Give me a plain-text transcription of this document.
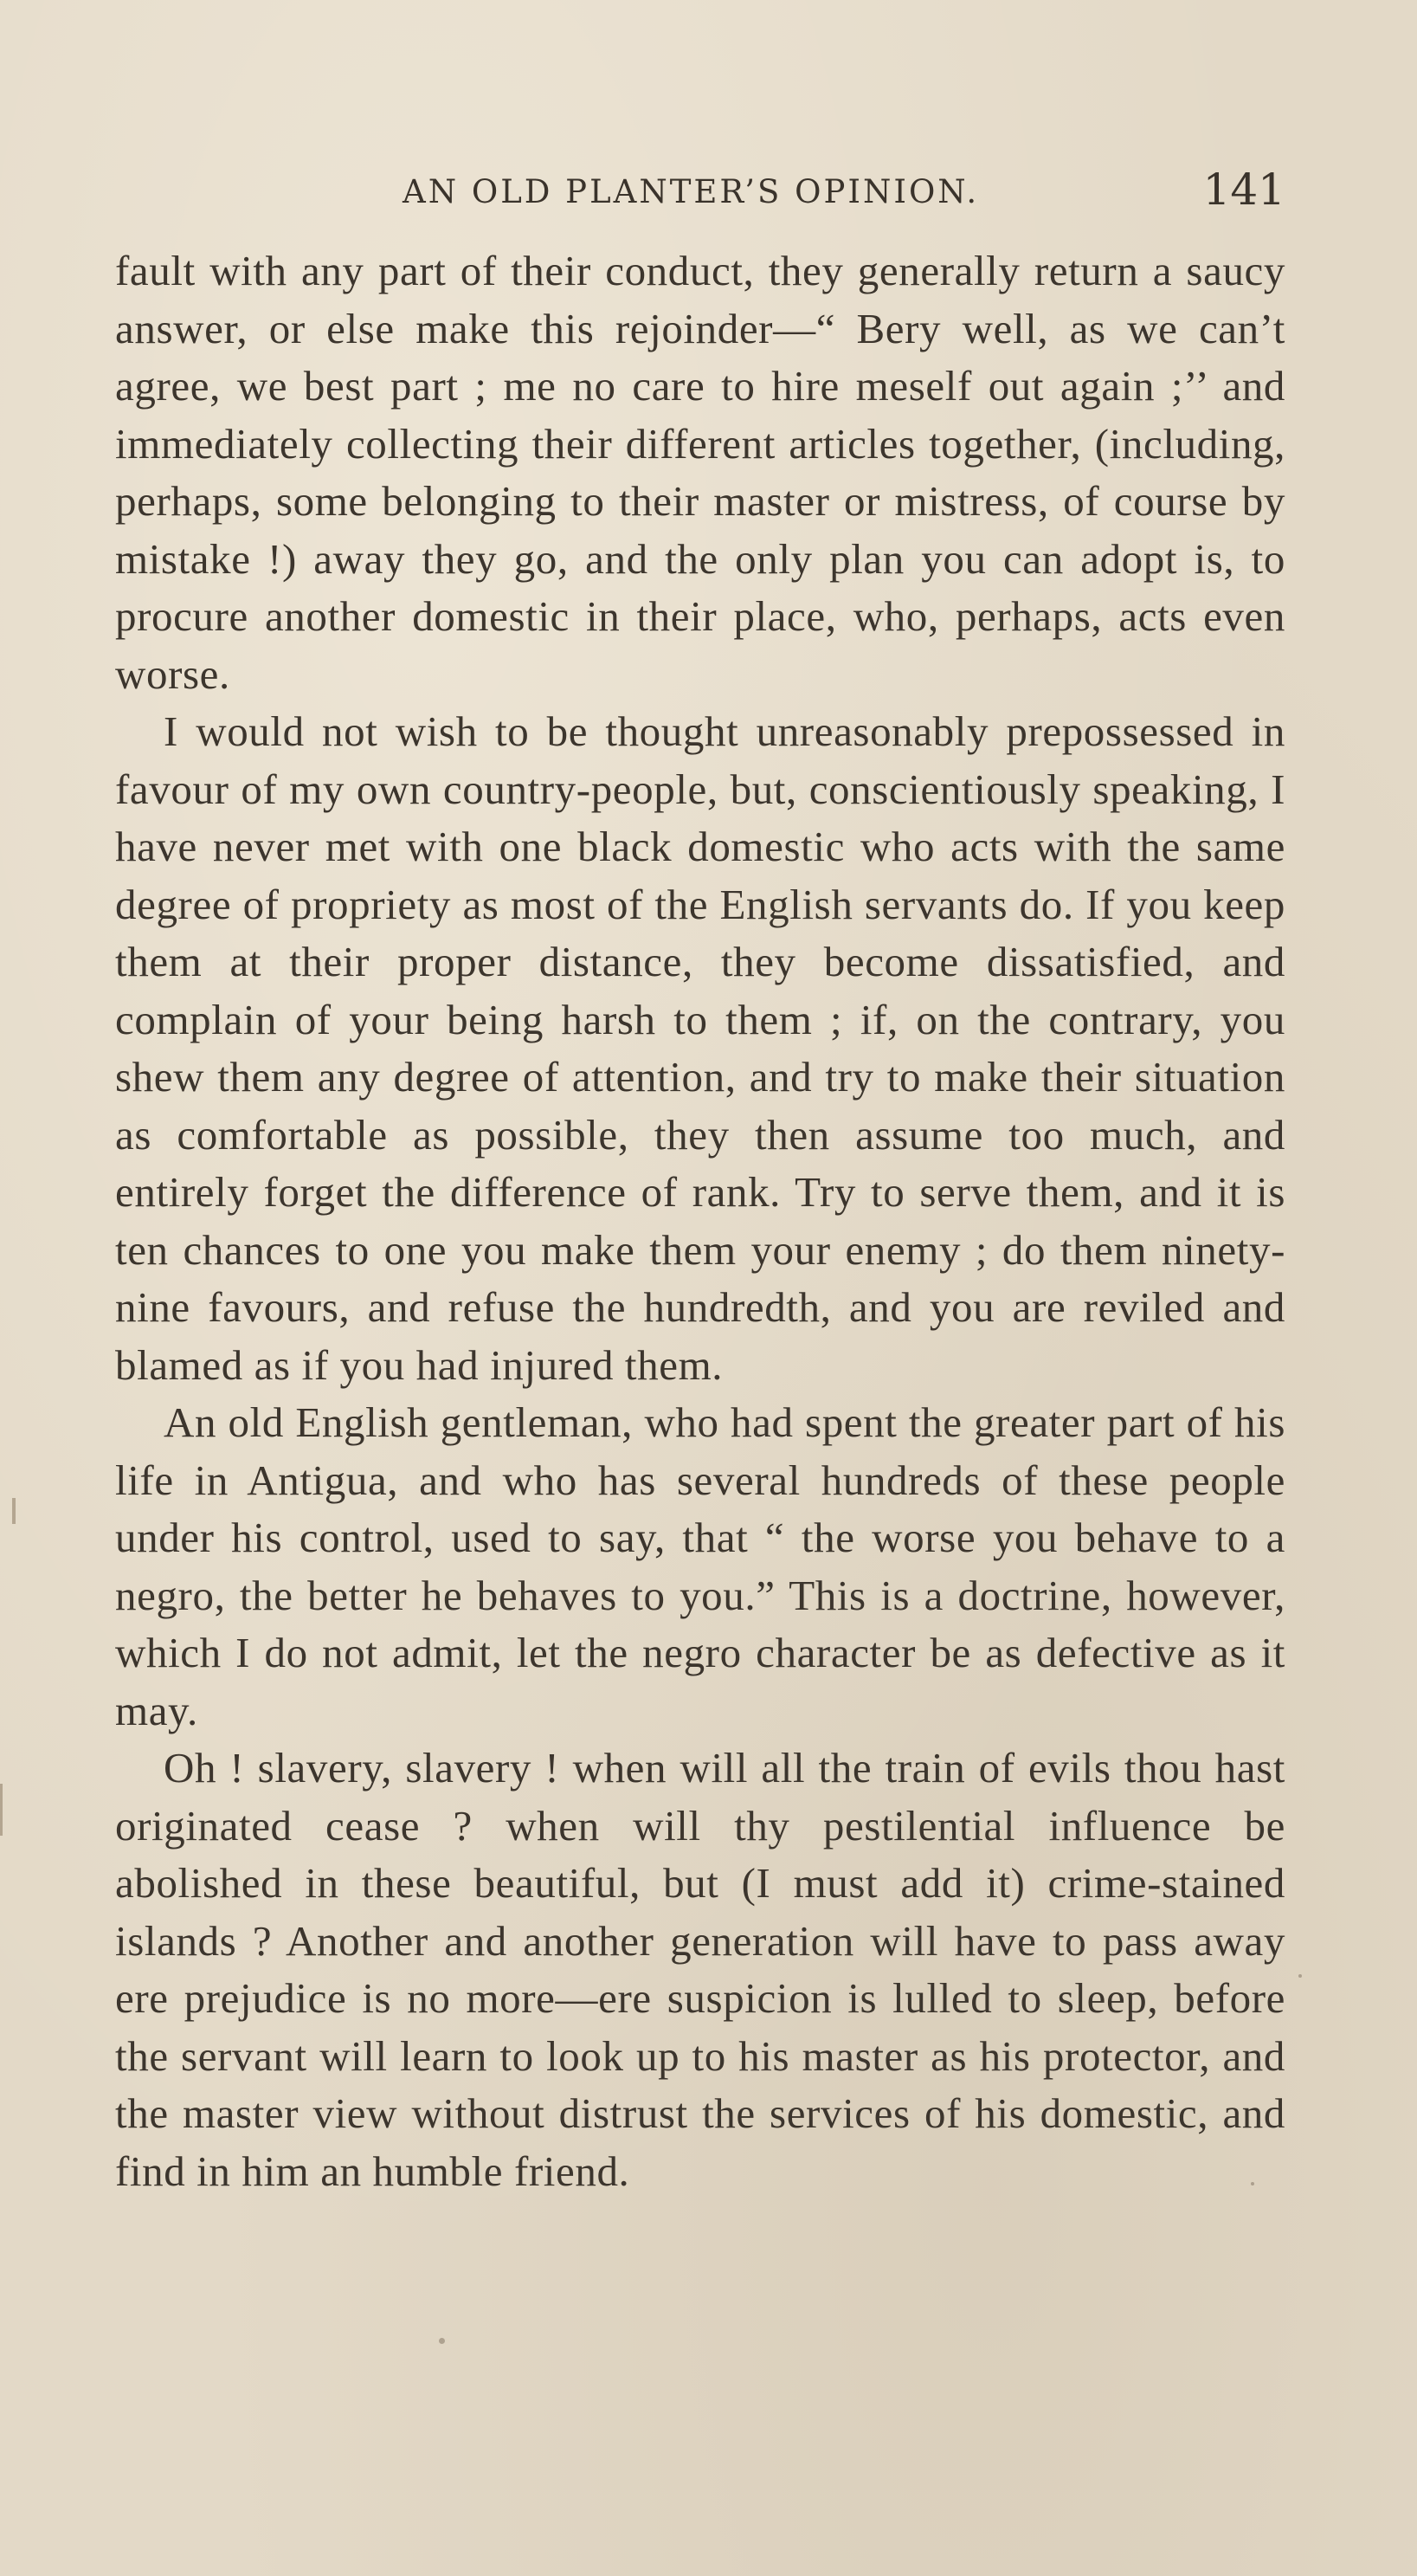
AN OLD PLANTER’S OPINION.	141

fault with any part of their conduct, they generally return a saucy answer, or else make this rejoinder—“ Bery well, as we can’t agree, we best part ; me no care to hire meself out again ;’’ and immediately collecting their different articles together, (including, perhaps, some belonging to their master or mistress, of course by mistake !) away they go, and the only plan you can adopt is, to procure another domestic in their place, who, perhaps, acts even worse.

I would not wish to be thought unreasonably prepossessed in favour of my own country-people, but, conscientiously speaking, I have never met with one black domestic who acts with the same degree of propriety as most of the English servants do. If you keep them at their proper distance, they become dissatisfied, and complain of your being harsh to them ; if, on the contrary, you shew them any degree of attention, and try to make their situation as comfortable as possible, they then assume too much, and entirely forget the difference of rank. Try to serve them, and it is ten chances to one you make them your enemy ; do them ninety-nine favours, and refuse the hundredth, and you are reviled and blamed as if you had injured them.

An old English gentleman, who had spent the greater part of his life in Antigua, and who has several hundreds of these people under his control, used to say, that “ the worse you behave to a negro, the better he behaves to you.” This is a doctrine, however, which I do not admit, let the negro character be as defective as it may.

Oh ! slavery, slavery ! when will all the train of evils thou hast originated cease ? when will thy pestilential influence be abolished in these beautiful, but (I must add it) crime-stained islands ? Another and another generation will have to pass away ere prejudice is no more—ere suspicion is lulled to sleep, before the servant will learn to look up to his master as his protector, and the master view without distrust the services of his domestic, and find in him an humble friend.
